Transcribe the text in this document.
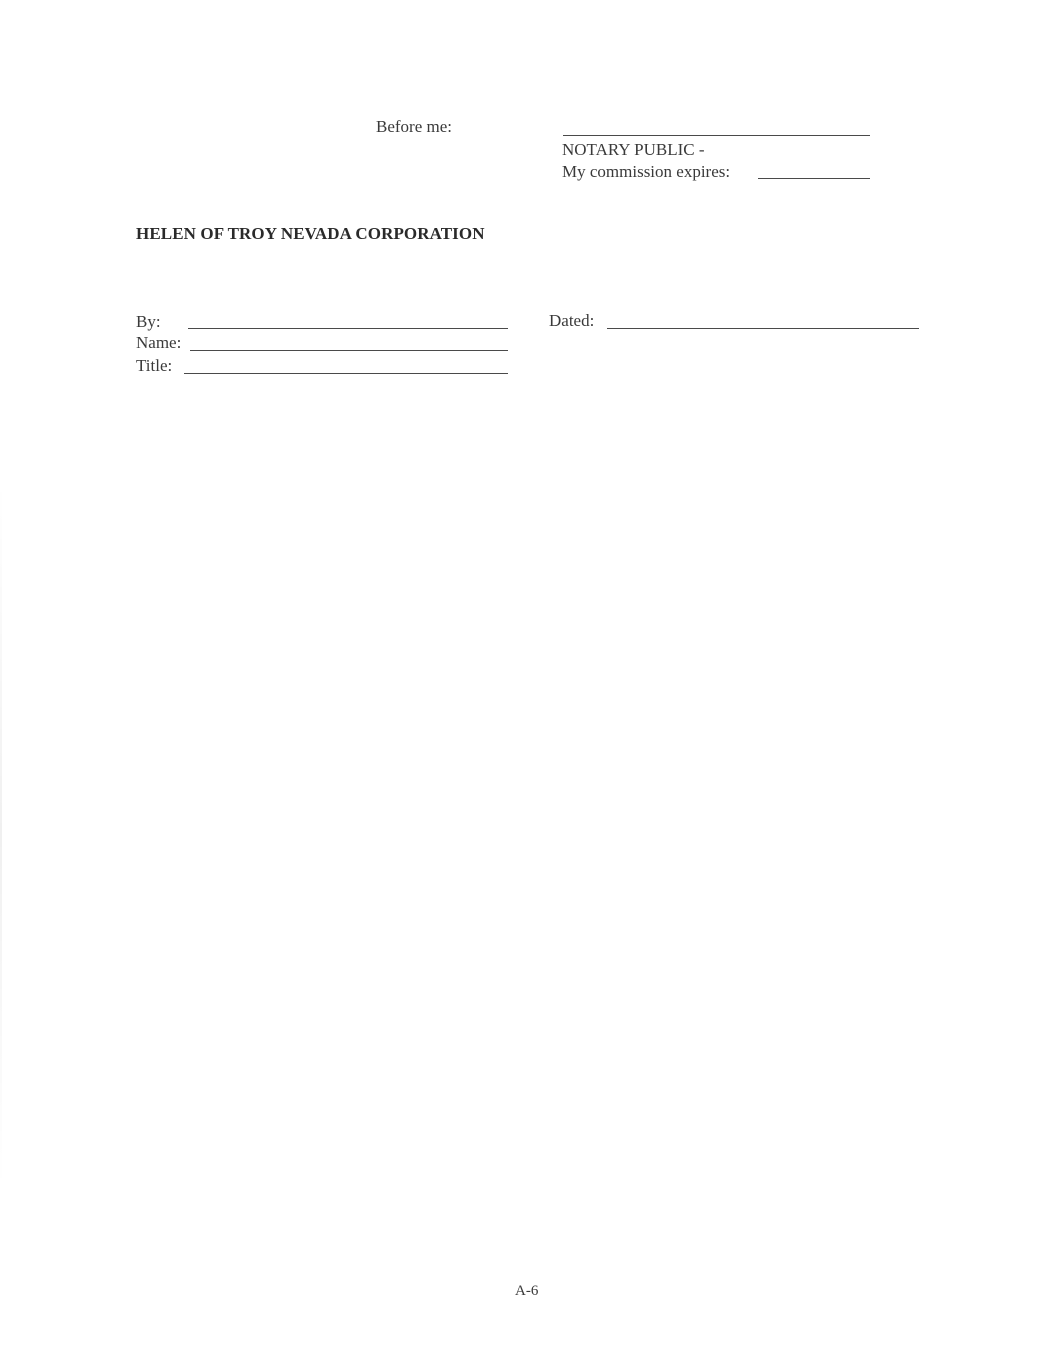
Before me:
NOTARY PUBLIC -
My commission expires:
HELEN OF TROY NEVADA CORPORATION
By:
Name:
Title:
Dated:
A-6
